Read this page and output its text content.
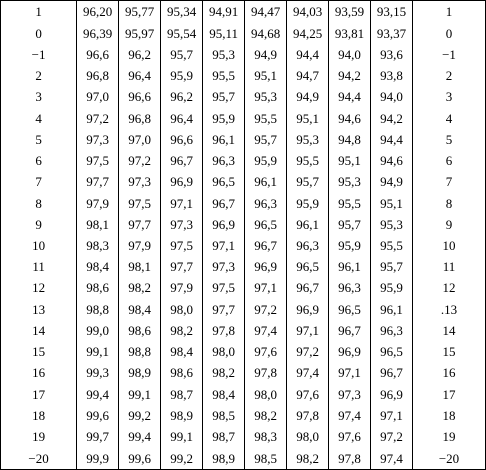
1	96,20	95,77	95,34	94,91	94,47	94,03	93,59	93,15	1
0	96,39	95,97	95,54	95,11	94,68	94,25	93,81	93,37	0
−1	96,6	96,2	95,7	95,3	94,9	94,4	94,0	93,6	−1
2	96,8	96,4	95,9	95,5	95,1	94,7	94,2	93,8	2
3	97,0	96,6	96,2	95,7	95,3	94,9	94,4	94,0	3
4	97,2	96,8	96,4	95,9	95,5	95,1	94,6	94,2	4
5	97,3	97,0	96,6	96,1	95,7	95,3	94,8	94,4	5
6	97,5	97,2	96,7	96,3	95,9	95,5	95,1	94,6	6
7	97,7	97,3	96,9	96,5	96,1	95,7	95,3	94,9	7
8	97,9	97,5	97,1	96,7	96,3	95,9	95,5	95,1	8
9	98,1	97,7	97,3	96,9	96,5	96,1	95,7	95,3	9
10	98,3	97,9	97,5	97,1	96,7	96,3	95,9	95,5	10
11	98,4	98,1	97,7	97,3	96,9	96,5	96,1	95,7	11
12	98,6	98,2	97,9	97,5	97,1	96,7	96,3	95,9	12
13	98,8	98,4	98,0	97,7	97,2	96,9	96,5	96,1	.13
14	99,0	98,6	98,2	97,8	97,4	97,1	96,7	96,3	14
15	99,1	98,8	98,4	98,0	97,6	97,2	96,9	96,5	15
16	99,3	98,9	98,6	98,2	97,8	97,4	97,1	96,7	16
17	99,4	99,1	98,7	98,4	98,0	97,6	97,3	96,9	17
18	99,6	99,2	98,9	98,5	98,2	97,8	97,4	97,1	18
19	99,7	99,4	99,1	98,7	98,3	98,0	97,6	97,2	19
−20	99,9	99,6	99,2	98,9	98,5	98,2	97,8	97,4	−20
